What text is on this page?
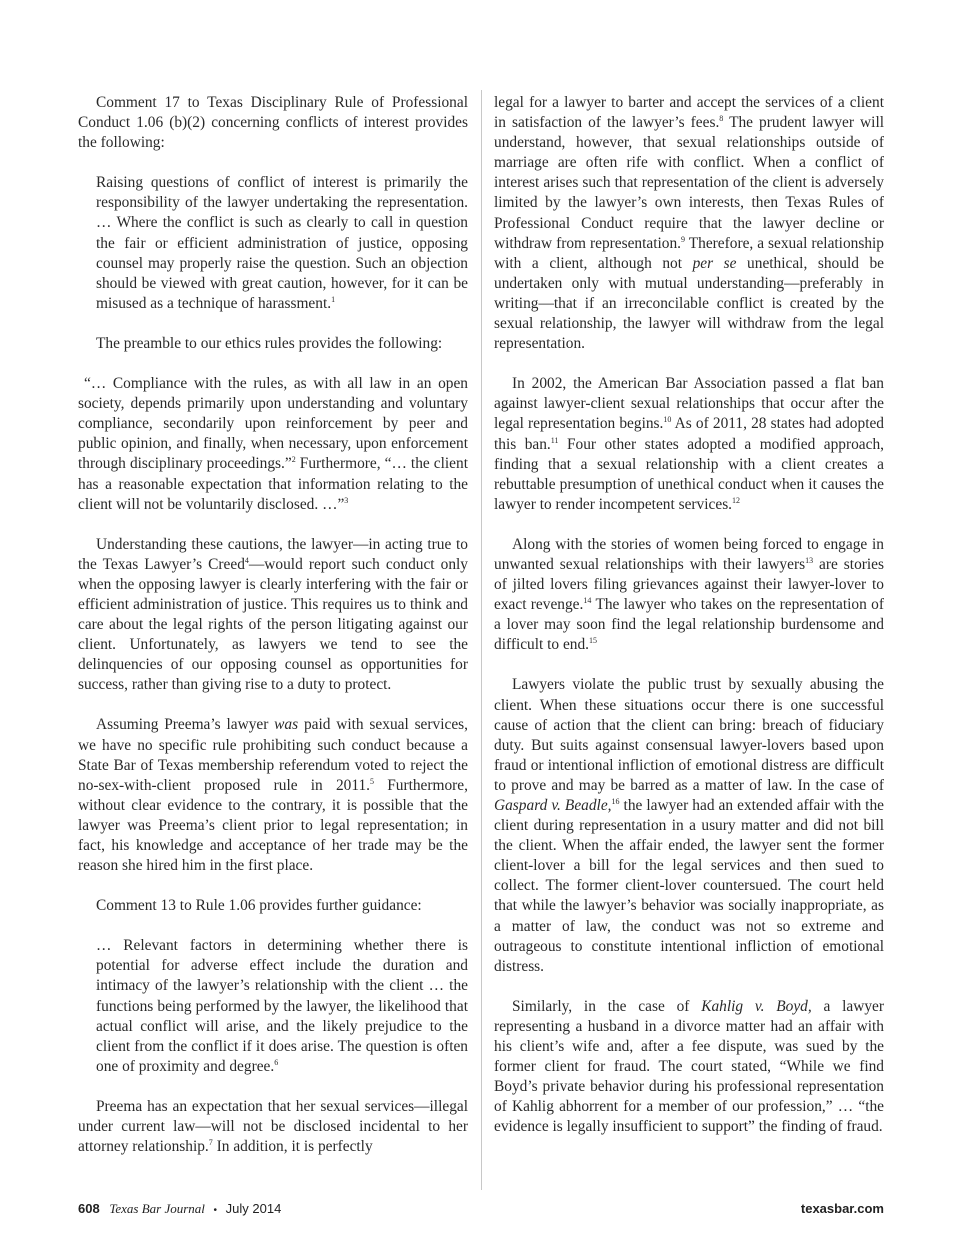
Comment 17 to Texas Disciplinary Rule of Professional Conduct 1.06 (b)(2) concerning conflicts of interest provides the following:

Raising questions of conflict of interest is primarily the responsibility of the lawyer undertaking the representation. … Where the conflict is such as clearly to call in question the fair or efficient administration of justice, opposing counsel may properly raise the question. Such an objection should be viewed with great caution, however, for it can be misused as a technique of harassment.$^1$

The preamble to our ethics rules provides the following:

“… Compliance with the rules, as with all law in an open society, depends primarily upon understanding and voluntary compliance, secondarily upon reinforcement by peer and public opinion, and finally, when necessary, upon enforcement through disciplinary proceedings.”$^2$ Furthermore, “… the client has a reasonable expectation that information relating to the client will not be voluntarily disclosed. …”$^3$

Understanding these cautions, the lawyer—in acting true to the Texas Lawyer’s Creed$^4$—would report such conduct only when the opposing lawyer is clearly interfering with the fair or efficient administration of justice. This requires us to think and care about the legal rights of the person litigating against our client. Unfortunately, as lawyers we tend to see the delinquencies of our opposing counsel as opportunities for success, rather than giving rise to a duty to protect.

Assuming Preema’s lawyer was paid with sexual services, we have no specific rule prohibiting such conduct because a State Bar of Texas membership referendum voted to reject the no-sex-with-client proposed rule in 2011.$^5$ Furthermore, without clear evidence to the contrary, it is possible that the lawyer was Preema’s client prior to legal representation; in fact, his knowledge and acceptance of her trade may be the reason she hired him in the first place.

Comment 13 to Rule 1.06 provides further guidance:

… Relevant factors in determining whether there is potential for adverse effect include the duration and intimacy of the lawyer’s relationship with the client … the functions being performed by the lawyer, the likelihood that actual conflict will arise, and the likely prejudice to the client from the conflict if it does arise. The question is often one of proximity and degree.$^6$

Preema has an expectation that her sexual services—illegal under current law—will not be disclosed incidental to her attorney relationship.$^7$ In addition, it is perfectly

legal for a lawyer to barter and accept the services of a client in satisfaction of the lawyer’s fees.$^8$ The prudent lawyer will understand, however, that sexual relationships outside of marriage are often rife with conflict. When a conflict of interest arises such that representation of the client is adversely limited by the lawyer’s own interests, then Texas Rules of Professional Conduct require that the lawyer decline or withdraw from representation.$^9$ Therefore, a sexual relationship with a client, although not per se unethical, should be undertaken only with mutual understanding—preferably in writing—that if an irreconcilable conflict is created by the sexual relationship, the lawyer will withdraw from the legal representation.

In 2002, the American Bar Association passed a flat ban against lawyer-client sexual relationships that occur after the legal representation begins.$^{10}$ As of 2011, 28 states had adopted this ban.$^{11}$ Four other states adopted a modified approach, finding that a sexual relationship with a client creates a rebuttable presumption of unethical conduct when it causes the lawyer to render incompetent services.$^{12}$

Along with the stories of women being forced to engage in unwanted sexual relationships with their lawyers$^{13}$ are stories of jilted lovers filing grievances against their lawyer-lover to exact revenge.$^{14}$ The lawyer who takes on the representation of a lover may soon find the legal relationship burdensome and difficult to end.$^{15}$

Lawyers violate the public trust by sexually abusing the client. When these situations occur there is one successful cause of action that the client can bring: breach of fiduciary duty. But suits against consensual lawyer-lovers based upon fraud or intentional infliction of emotional distress are difficult to prove and may be barred as a matter of law. In the case of Gaspard v. Beadle,$^{16}$ the lawyer had an extended affair with the client during representation in a usury matter and did not bill the client. When the affair ended, the lawyer sent the former client-lover a bill for the legal services and then sued to collect. The former client-lover countersued. The court held that while the lawyer’s behavior was socially inappropriate, as a matter of law, the conduct was not so extreme and outrageous to constitute intentional infliction of emotional distress.

Similarly, in the case of Kahlig v. Boyd, a lawyer representing a husband in a divorce matter had an affair with his client’s wife and, after a fee dispute, was sued by the former client for fraud. The court stated, “While we find Boyd’s private behavior during his professional representation of Kahlig abhorrent for a member of our profession,” … “the evidence is legally insufficient to support” the finding of fraud.

608 Texas Bar Journal • July 2014	texasbar.com
